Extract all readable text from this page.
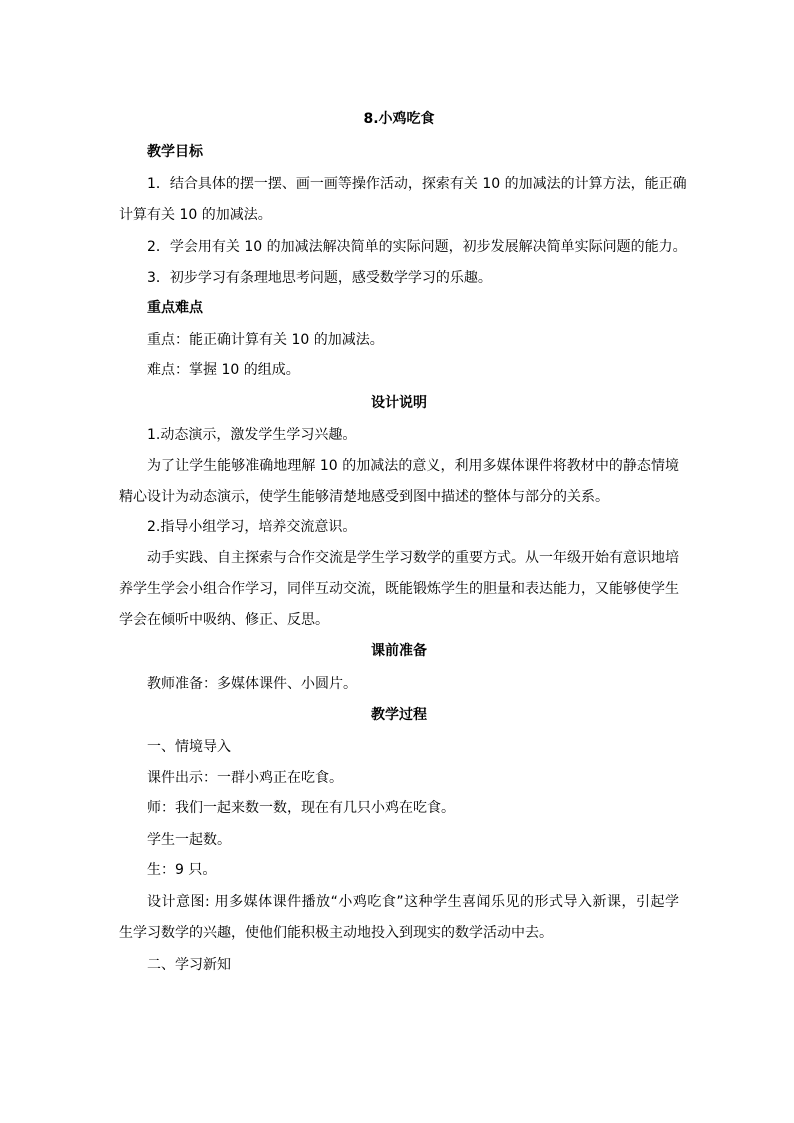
8.小鸡吃食
教学目标
1．结合具体的摆一摆、画一画等操作活动，探索有关 10 的加减法的计算方法，能正确
计算有关 10 的加减法。
2．学会用有关 10 的加减法解决简单的实际问题，初步发展解决简单实际问题的能力。
3．初步学习有条理地思考问题，感受数学学习的乐趣。
重点难点
重点：能正确计算有关 10 的加减法。
难点：掌握 10 的组成。
设计说明
1.动态演示，激发学生学习兴趣。
为了让学生能够准确地理解 10 的加减法的意义，利用多媒体课件将教材中的静态情境
精心设计为动态演示，使学生能够清楚地感受到图中描述的整体与部分的关系。
2.指导小组学习，培养交流意识。
动手实践、自主探索与合作交流是学生学习数学的重要方式。从一年级开始有意识地培
养学生学会小组合作学习，同伴互动交流，既能锻炼学生的胆量和表达能力，又能够使学生
学会在倾听中吸纳、修正、反思。
课前准备
教师准备：多媒体课件、小圆片。
教学过程
一、情境导入
课件出示：一群小鸡正在吃食。
师：我们一起来数一数，现在有几只小鸡在吃食。
学生一起数。
生：9 只。
设计意图: 用多媒体课件播放“小鸡吃食”这种学生喜闻乐见的形式导入新课，引起学
生学习数学的兴趣，使他们能积极主动地投入到现实的数学活动中去。
二、学习新知
